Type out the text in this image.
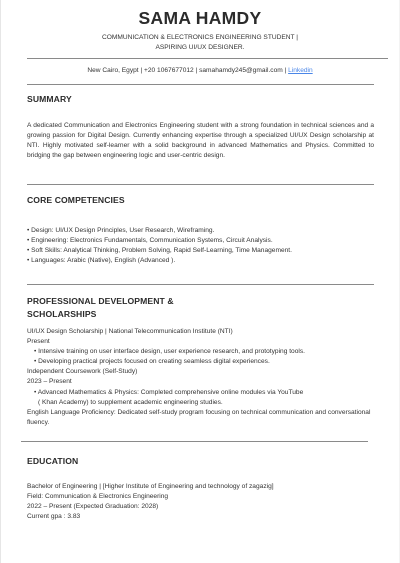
SAMA HAMDY
COMMUNICATION & ELECTRONICS ENGINEERING STUDENT |
ASPIRING UI/UX DESIGNER.
New Cairo, Egypt | +20 1067677012 | samahamdy245@gmail.com | Linkedin
SUMMARY
A dedicated Communication and Electronics Engineering student with a strong foundation in technical sciences and a growing passion for Digital Design. Currently enhancing expertise through a specialized UI/UX Design scholarship at NTI. Highly motivated self-learner with a solid background in advanced Mathematics and Physics. Committed to bridging the gap between engineering logic and user-centric design.
CORE COMPETENCIES
• Design: UI/UX Design Principles, User Research, Wireframing.
• Engineering: Electronics Fundamentals, Communication Systems, Circuit Analysis.
• Soft Skills: Analytical Thinking, Problem Solving, Rapid Self-Learning, Time Management.
• Languages: Arabic (Native), English (Advanced ).
PROFESSIONAL DEVELOPMENT &
SCHOLARSHIPS
UI/UX Design Scholarship | National Telecommunication Institute (NTI)
Present
• Intensive training on user interface design, user experience research, and prototyping tools.
• Developing practical projects focused on creating seamless digital experiences.
Independent Coursework (Self-Study)
2023 – Present
• Advanced Mathematics & Physics: Completed comprehensive online modules via YouTube
( Khan Academy) to supplement academic engineering studies.
English Language Proficiency: Dedicated self-study program focusing on technical communication and conversational fluency.
EDUCATION
Bachelor of Engineering | [Higher Institute of Engineering and technology of zagazig]
Field: Communication & Electronics Engineering
2022 – Present (Expected Graduation: 2028)
Current gpa : 3.83
